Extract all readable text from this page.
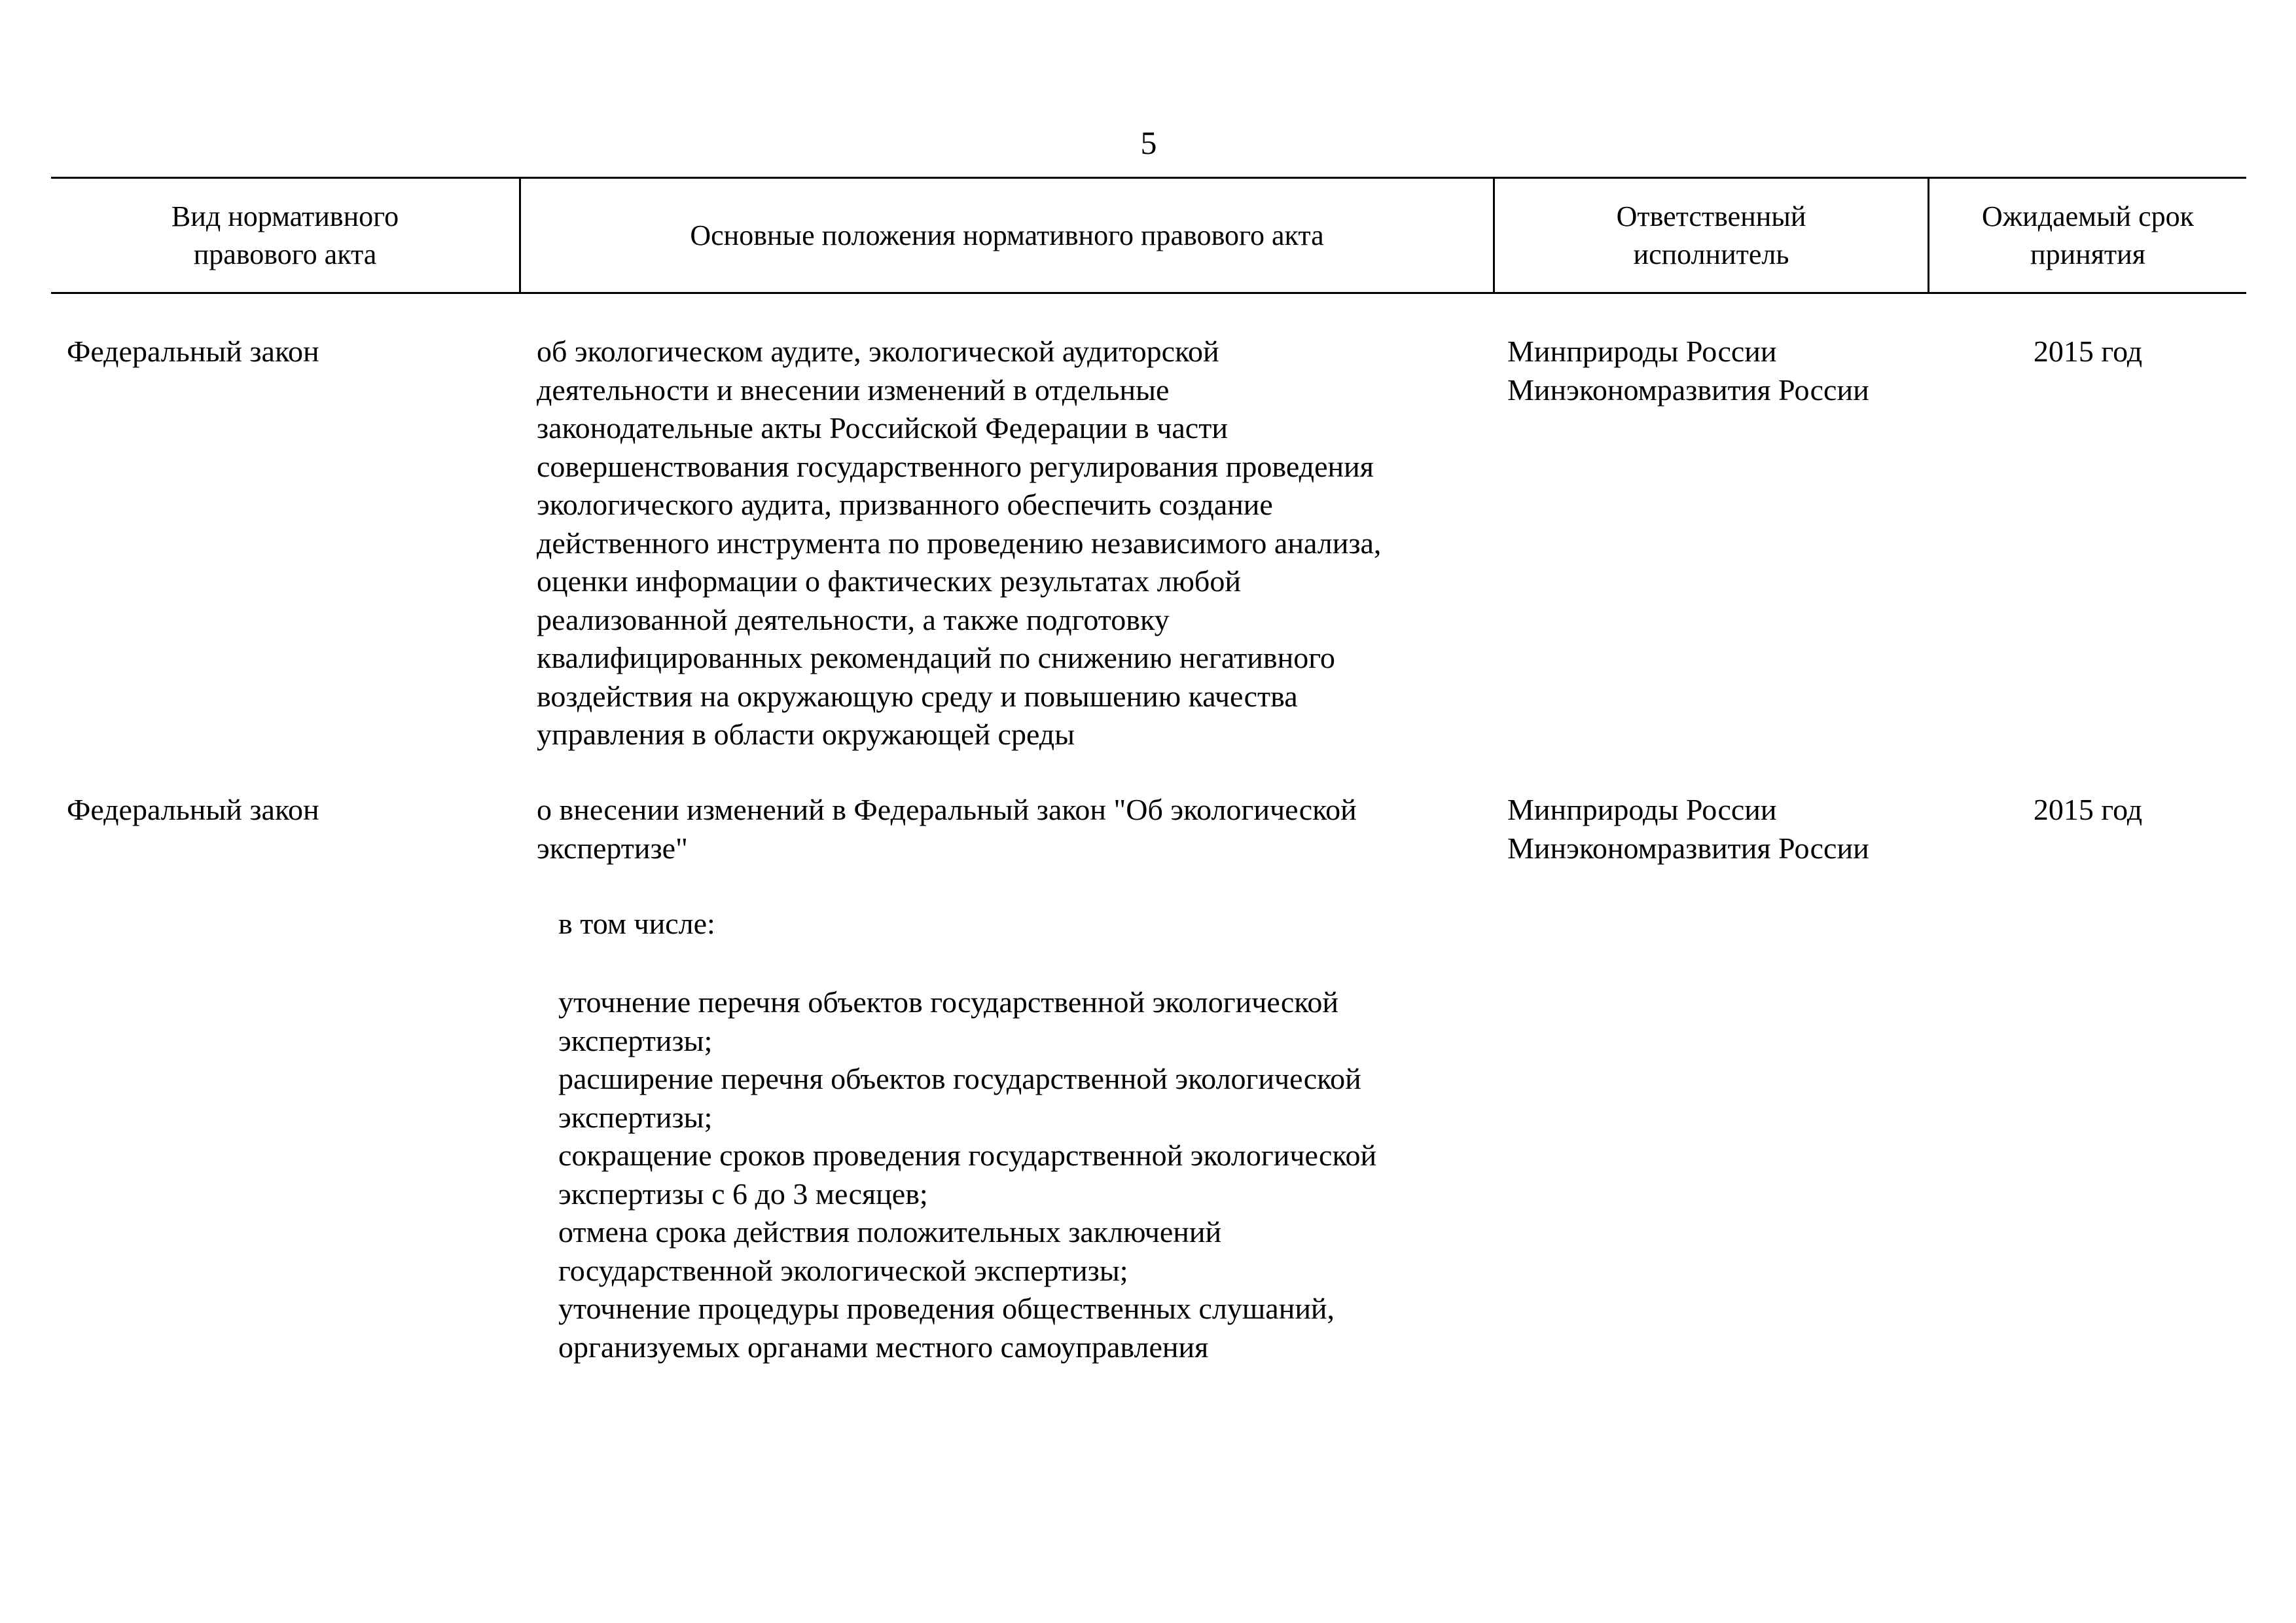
5
Вид нормативного
правового акта
Основные положения нормативного правового акта
Ответственный
исполнитель
Ожидаемый срок
принятия
Федеральный закон	об экологическом аудите, экологической аудиторской
деятельности и внесении изменений в отдельные
законодательные акты Российской Федерации в части
совершенствования государственного регулирования проведения
экологического аудита, призванного обеспечить создание
действенного инструмента по проведению независимого анализа,
оценки информации о фактических результатах любой
реализованной деятельности, а также подготовку
квалифицированных рекомендаций по снижению негативного
воздействия на окружающую среду и повышению качества
управления в области окружающей среды
Минприроды России
Минэкономразвития России
2015 год
Федеральный закон	о внесении изменений в Федеральный закон "Об экологической
экспертизе"
Минприроды России
Минэкономразвития России
2015 год
в том числе:
уточнение перечня объектов государственной экологической
экспертизы;
расширение перечня объектов государственной экологической
экспертизы;
сокращение сроков проведения государственной экологической
экспертизы с 6 до 3 месяцев;
отмена срока действия положительных заключений
государственной экологической экспертизы;
уточнение процедуры проведения общественных слушаний,
организуемых органами местного самоуправления
